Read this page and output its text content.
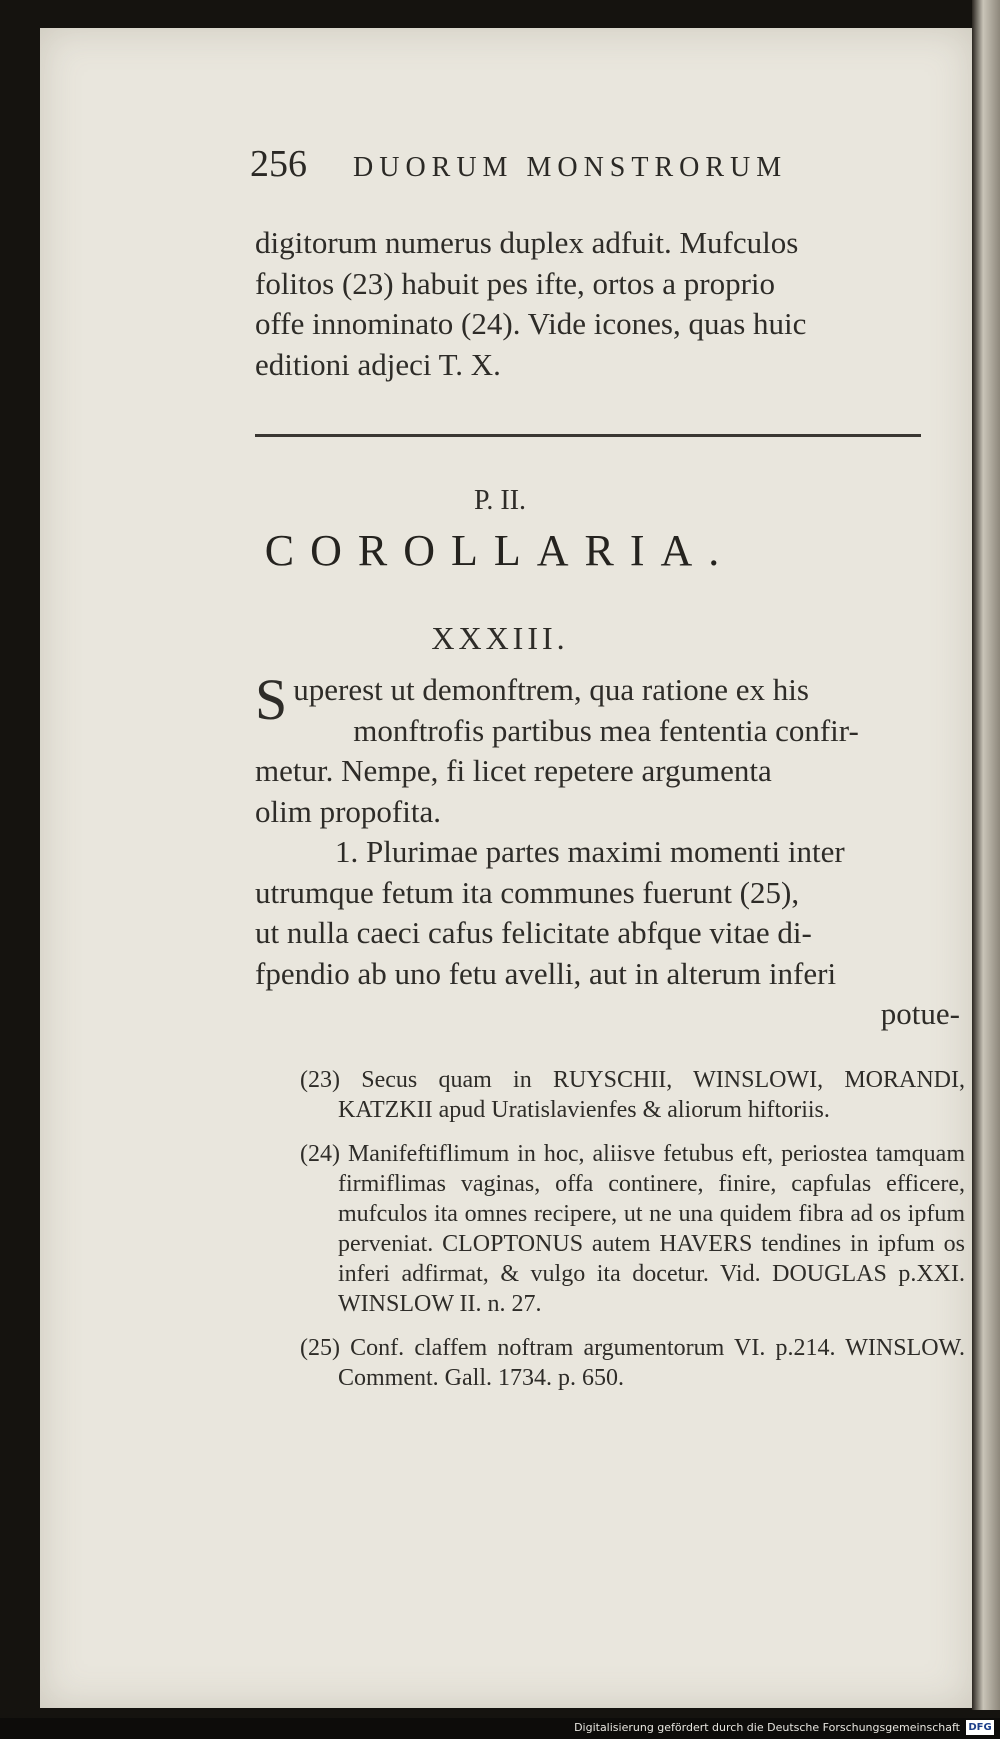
256 DUORUM MONSTRORUM

digitorum numerus duplex adfuit. Mufculos

folitos (23) habuit pes ifte, ortos a proprio

offe innominato (24). Vide icones, quas huic

editioni adjeci T. X.

P. II.
COROLLARIA.
XXXIII.
S uperest ut demonftrem, qua ratione ex his

monftrofis partibus mea fententia confir-

metur. Nempe, fi licet repetere argumenta

olim propofita.

1. Plurimae partes maximi momenti inter

utrumque fetum ita communes fuerunt (25),

ut nulla caeci cafus felicitate abfque vitae di-

fpendio ab uno fetu avelli, aut in alterum inferi

potue-

(23) Secus quam in RUYSCHII, WINSLOWI, MORANDI, KATZKII apud Uratislavienfes & aliorum hiftoriis.

(24) Manifeftiflimum in hoc, aliisve fetubus eft, periostea tamquam firmiflimas vaginas, offa continere, finire, capfulas efficere, mufculos ita omnes recipere, ut ne una quidem fibra ad os ipfum perveniat. CLOPTONUS autem HAVERS tendines in ipfum os inferi adfirmat, & vulgo ita docetur. Vid. DOUGLAS p.XXI. WINSLOW II. n. 27.

(25) Conf. claffem noftram argumentorum VI. p.214. WINSLOW. Comment. Gall. 1734. p. 650.

Digitalisierung gefördert durch die Deutsche Forschungsgemeinschaft DFG
